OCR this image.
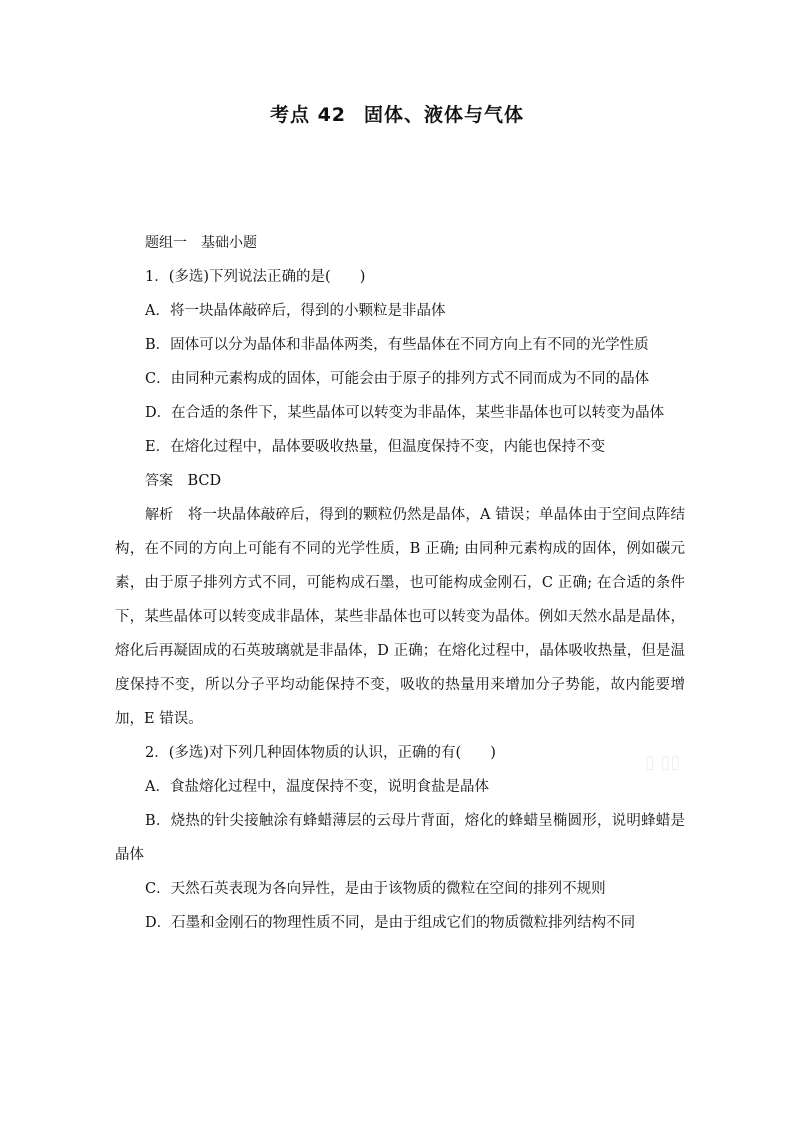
考点 42 固体、液体与气体

题组一　基础小题

1．(多选)下列说法正确的是(　　)

A．将一块晶体敲碎后，得到的小颗粒是非晶体

B．固体可以分为晶体和非晶体两类，有些晶体在不同方向上有不同的光学性质

C．由同种元素构成的固体，可能会由于原子的排列方式不同而成为不同的晶体

D．在合适的条件下，某些晶体可以转变为非晶体，某些非晶体也可以转变为晶体

E．在熔化过程中，晶体要吸收热量，但温度保持不变，内能也保持不变

答案　 BCD

解析　 将一块晶体敲碎后，得到的颗粒仍然是晶体，A 错误；单晶体由于空间点阵结构，在不同的方向上可能有不同的光学性质，B 正确; 由同种元素构成的固体，例如碳元素，由于原子排列方式不同，可能构成石墨，也可能构成金刚石，C 正确; 在合适的条件下，某些晶体可以转变成非晶体，某些非晶体也可以转变为晶体。例如天然水晶是晶体，熔化后再凝固成的石英玻璃就是非晶体，D 正确；在熔化过程中，晶体吸收热量，但是温度保持不变，所以分子平均动能保持不变，吸收的热量用来增加分子势能，故内能要增加，E 错误。

2．(多选)对下列几种固体物质的认识，正确的有(　　)

A．食盐熔化过程中，温度保持不变，说明食盐是晶体

B．烧热的针尖接触涂有蜂蜡薄层的云母片背面，熔化的蜂蜡呈椭圆形，说明蜂蜡是晶体

C．天然石英表现为各向异性，是由于该物质的微粒在空间的排列不规则

D．石墨和金刚石的物理性质不同，是由于组成它们的物质微粒排列结构不同

▯ ▯▯
